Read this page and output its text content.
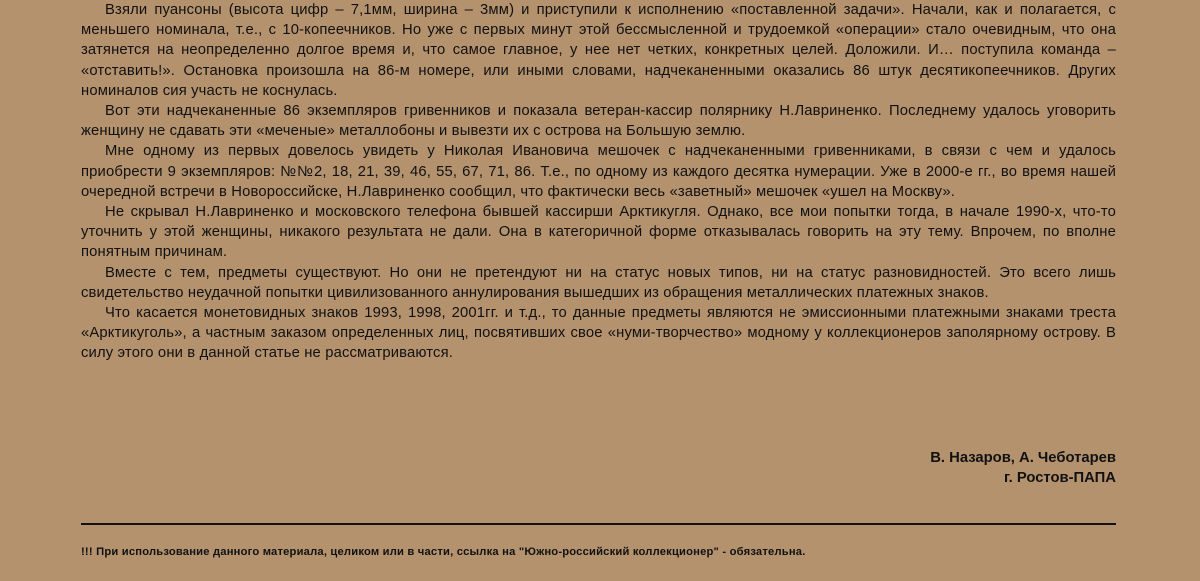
Взяли пуансоны (высота цифр – 7,1мм, ширина – 3мм) и приступили к исполнению «поставленной задачи». Начали, как и полагается, с меньшего номинала, т.е., с 10-копеечников. Но уже с первых минут этой бессмысленной и трудоемкой «операции» стало очевидным, что она затянется на неопределенно долгое время и, что самое главное, у нее нет четких, конкретных целей. Доложили. И… поступила команда – «отставить!». Остановка произошла на 86-м номере, или иными словами, надчеканенными оказались 86 штук десятикопеечников. Других номиналов сия участь не коснулась.

Вот эти надчеканенные 86 экземпляров гривенников и показала ветеран-кассир полярнику Н.Лавриненко. Последнему удалось уговорить женщину не сдавать эти «меченые» металлобоны и вывезти их с острова на Большую землю.

Мне одному из первых довелось увидеть у Николая Ивановича мешочек с надчеканенными гривенниками, в связи с чем и удалось приобрести 9 экземпляров: №№2, 18, 21, 39, 46, 55, 67, 71, 86. Т.е., по одному из каждого десятка нумерации. Уже в 2000-е гг., во время нашей очередной встречи в Новороссийске, Н.Лавриненко сообщил, что фактически весь «заветный» мешочек «ушел на Москву».

Не скрывал Н.Лавриненко и московского телефона бывшей кассирши Арктикугля. Однако, все мои попытки тогда, в начале 1990-х, что-то уточнить у этой женщины, никакого результата не дали. Она в категоричной форме отказывалась говорить на эту тему. Впрочем, по вполне понятным причинам.

Вместе с тем, предметы существуют. Но они не претендуют ни на статус новых типов, ни на статус разновидностей. Это всего лишь свидетельство неудачной попытки цивилизованного аннулирования вышедших из обращения металлических платежных знаков.

Что касается монетовидных знаков 1993, 1998, 2001гг. и т.д., то данные предметы являются не эмиссионными платежными знаками треста «Арктикуголь», а частным заказом определенных лиц, посвятивших свое «нуми-творчество» модному у коллекционеров заполярному острову. В силу этого они в данной статье не рассматриваются.

В. Назаров, А. Чеботарев
г. Ростов-ПАПА
!!! При использование данного материала, целиком или в части, ссылка на "Южно-российский коллекционер" - обязательна.
